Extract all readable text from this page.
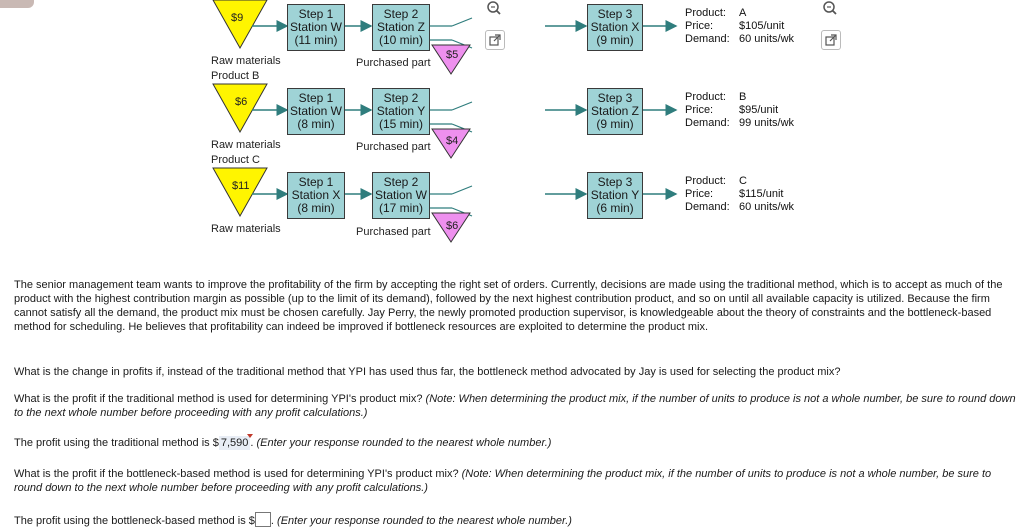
$9	Step 1
Station W
(11 min)
Step 2
Station Z
(10 min)
$5
Raw materials	Purchased part
Step 3
Station X
(9 min)
Product:	A
Price:	$105/unit
Demand: 60 units/wk
Product B
$6	Step 1
Station W
(8 min)
Step 2
Station Y
(15 min)
$4
Raw materials	Purchased part
Step 3
Station Z
(9 min)
Product:	B
Price:	$95/unit
Demand: 99 units/wk
Product C
$11	Step 1
Station X
(8 min)
Step 2
Station W
(17 min)
$6
Raw materials	Purchased part
Step 3
Station Y
(6 min)
Product:	C
Price:	$115/unit
Demand: 60 units/wk
The senior management team wants to improve the profitability of the firm by accepting the right set of orders. Currently, decisions are made using the traditional method, which is to accept as much of the product with the highest contribution margin as possible (up to the limit of its demand), followed by the next highest contribution product, and so on until all available capacity is utilized. Because the firm cannot satisfy all the demand, the product mix must be chosen carefully. Jay Perry, the newly promoted production supervisor, is knowledgeable about the theory of constraints and the bottleneck-based method for scheduling. He believes that profitability can indeed be improved if bottleneck resources are exploited to determine the product mix.
What is the change in profits if, instead of the traditional method that YPI has used thus far, the bottleneck method advocated by Jay is used for selecting the product mix?
What is the profit if the traditional method is used for determining YPI's product mix? (Note: When determining the product mix, if the number of units to produce is not a whole number, be sure to round down to the next whole number before proceeding with any profit calculations.)
The profit using the traditional method is $ 7,590 . (Enter your response rounded to the nearest whole number.)
What is the profit if the bottleneck-based method is used for determining YPI's product mix? (Note: When determining the product mix, if the number of units to produce is not a whole number, be sure to round down to the next whole number before proceeding with any profit calculations.)
The profit using the bottleneck-based method is $ . (Enter your response rounded to the nearest whole number.)
